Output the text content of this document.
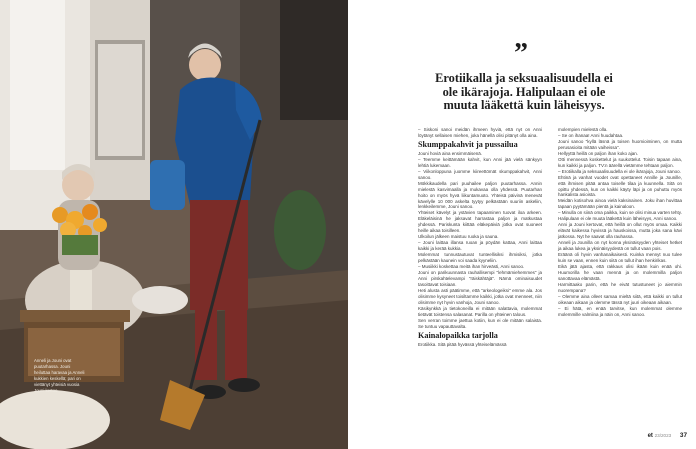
Anneli ja Jouni ovat puutarhassa. Jouni heiluttaa haravaa ja Anneli kukkien keskellä; pari on viettänyt yhteisiä vuosia Jouni kertoo.
”
Erotiikalla ja seksuaalisuudella ei
ole ikärajoja. Halipulaan ei ole
muuta lääkettä kuin läheisyys.

– Siskoni sanoi meidän ihmeen hyviä, että nyt on Anni löytänyt sellaisen miehen, joka hänellä olisi pitänyt olla aina.

Skumppakahvit ja pussailua

Jouni hoviä aina ensimmäisenä.

– Teemme keittämään kahvit, kun Anni jää vielä sänkyyn lehtiä lukemaan.

– Viikonloppuna juomme kiireettömät skumppakahvit, Anni sanoo.

Mökkikaudella pari puuhailee paljon puutarhassa. Annin mielestä kasvimaalla ja mukavaa olla yhdessä. Puutarhan hoito on myös hyvä liikuntamuoto. Yhteisä päivinä menevät kävelylle 10 000 askelta tyytyy pelkästään suuriin askeliin, lenkkeilemme, Jouni sanoo.

Yhteiset kävelyt ja ystävien tapaaminen tuovat iloa arkeen. Eläkeläisinä he jaksavat harrastaa paljon ja matkustaa yhdessä. Pariskunta kiittää eläkepäiviä jotka ovat suoneet heille aikaa toisilleen.

Ulkoilun jälkeen maistuu ruoka ja sauna.

– Jouni laittaa illansa ruoan ja pöydän kattaa, Anni laittaa kaikki ja kerää kukkia.

Molemmat tunnustautuvat tunteellisiksi ihmisiksi, jotka pelkästään kaunein voi saada kyyneliin.

– Musiikki koskettaa meitä ihan hirveästi, Anni sanoo.

Jouni on parikuunnasta rauhallisempi "lehmämiehemmes" ja Anni pirskahtelevampi "räiskähtäjä". Nämä ominaisuudet tasoittavat toisiaan.

Heti alusta asti päätimme, että "arkeologeiksi" emme ala. Jos olisimme kysyneet toisiltamme kaikki, jotka ovat menneet, niin olisimme nyt hyvin vanhoja, Jouni sanoo.

Käsikynkkä ja tietokoneilla ei mitään salattavia, molemmat tietävät toistensa salasanat. Parilla on yhteinen talous.

Sen verran toimme jaettua kotiin, kun ei ole mitään salaista. Se tuntuu vapauttavalta.

Kainalopaikka tarjolla

Erotiikka. Sitä pitää hyvässä yhteiselämässä

molempien mielestä olla.

– Se on ihanaa! Anni huudahtaa.

Jouni sanoo "kyllä läsnä ja toisen huomioiminen, on mutta perusasioita mitään vaiheissa".

Hellyyttä heillä on paljon ihan koko ajan.

Otti mennessä koskettelut ja suukottelut. Toisin tapaan aina, kun kaikki ja paljon. TV:n äärellä vietämme tehtaan paljon.

– Erotiikalla ja seksuaalisuudella ei ole ikärajoja, Jouni sanoo.

Ehtinä ja vanhat vuodet ovat opettaneet Annille ja Jounille, että ihmisen pitää antaa toiselle tilaa ja kuunnella. Sitä on opittu yhdessä, kun on kaikki käyty läpi ja on puhuttu myös hankalista asioista.

Meidän kotisohva ainoa vielä kaksinainen. Joku ihan huvittaa tapaan pyytämään pientä ja kainaloon.

– Minulla on siinä oma paikka, kuin se olisi minua varten tehty.

Halipulaan ei ole muuta lääkettä kuin läheisyys, Anni sanoo.

Anni ja Jouni kertovat, että heillä on ollut myös omaa. Kaikki elävät kaikessa hyvissä ja hauskoissa, mutta joka sana kävi jatkossa. Nyt he saavat olla rauhassa.

Anneli ja Jounilla on nyt konna yksinäisyyden yhteiset hetket ja aikaa lukea ja yksinäisyydestä on tullut vaan pois.

Eräänä oli hyvin vanhanaikaisesti. Kuinka mennyt nuo tulee kuin se vaan, ennen kuin siitä on tullut ihan henkirikas.

Eikä jätä ajasta, että rakkaus olisi ikään kuin enää ohi. Huumorilla he vaan mennä ja on molemmilla paljon sanottavaa elämästä.

Harmittaako parin, että he eivät tutustuneet jo aiemmin nuorempana?

– Olemme aina olleet samaa mieltä siitä, että kaikki on tullut oikeaan aikaan ja olemme tässä nyt juuri oikeaan aikaan.

– Ei hätä, en enää tarvitse, kun molemmat olemme molemmille valmiina ja näin on, Anni sanoo.

et 23/2023 37
